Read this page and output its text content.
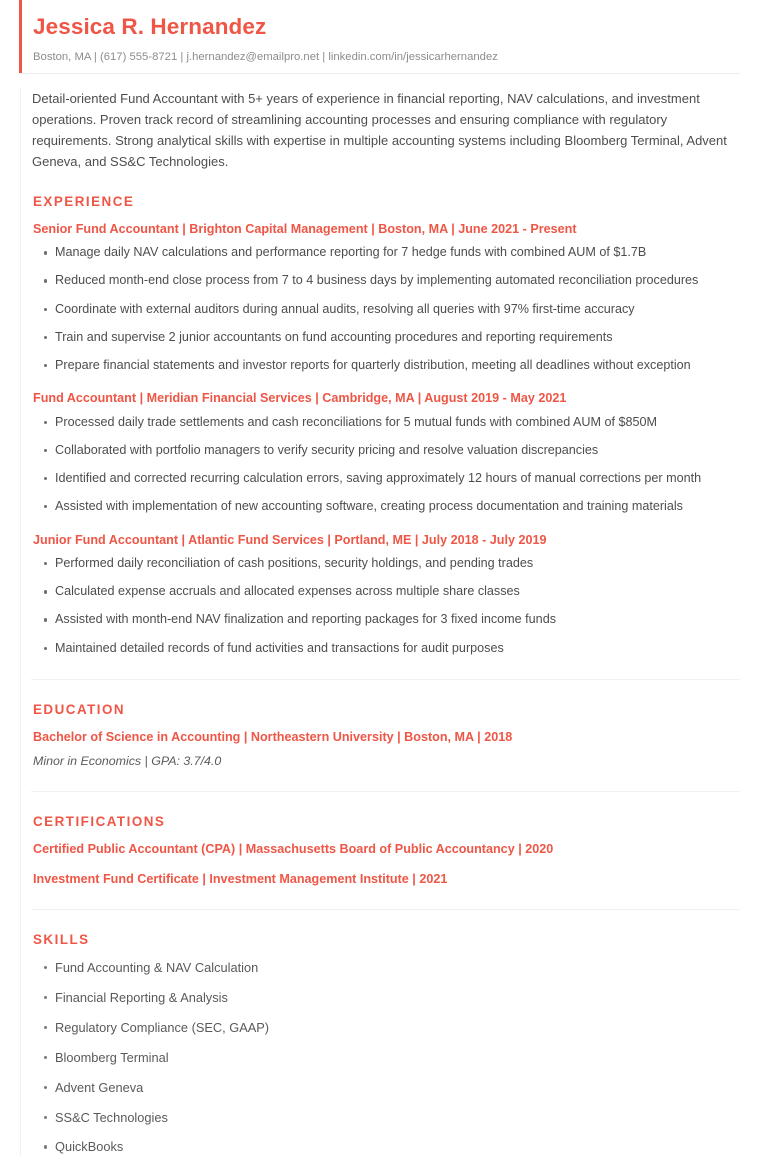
Jessica R. Hernandez

Boston, MA | (617) 555-8721 | j.hernandez@emailpro.net | linkedin.com/in/jessicarhernandez

Detail-oriented Fund Accountant with 5+ years of experience in financial reporting, NAV calculations, and investment operations. Proven track record of streamlining accounting processes and ensuring compliance with regulatory requirements. Strong analytical skills with expertise in multiple accounting systems including Bloomberg Terminal, Advent Geneva, and SS&C Technologies.

EXPERIENCE
Senior Fund Accountant | Brighton Capital Management | Boston, MA | June 2021 - Present
Manage daily NAV calculations and performance reporting for 7 hedge funds with combined AUM of $1.7B
Reduced month-end close process from 7 to 4 business days by implementing automated reconciliation procedures
Coordinate with external auditors during annual audits, resolving all queries with 97% first-time accuracy
Train and supervise 2 junior accountants on fund accounting procedures and reporting requirements
Prepare financial statements and investor reports for quarterly distribution, meeting all deadlines without exception
Fund Accountant | Meridian Financial Services | Cambridge, MA | August 2019 - May 2021
Processed daily trade settlements and cash reconciliations for 5 mutual funds with combined AUM of $850M
Collaborated with portfolio managers to verify security pricing and resolve valuation discrepancies
Identified and corrected recurring calculation errors, saving approximately 12 hours of manual corrections per month
Assisted with implementation of new accounting software, creating process documentation and training materials
Junior Fund Accountant | Atlantic Fund Services | Portland, ME | July 2018 - July 2019
Performed daily reconciliation of cash positions, security holdings, and pending trades
Calculated expense accruals and allocated expenses across multiple share classes
Assisted with month-end NAV finalization and reporting packages for 3 fixed income funds
Maintained detailed records of fund activities and transactions for audit purposes
EDUCATION
Bachelor of Science in Accounting | Northeastern University | Boston, MA | 2018
Minor in Economics | GPA: 3.7/4.0
CERTIFICATIONS
Certified Public Accountant (CPA) | Massachusetts Board of Public Accountancy | 2020
Investment Fund Certificate | Investment Management Institute | 2021
SKILLS
Fund Accounting & NAV Calculation
Financial Reporting & Analysis
Regulatory Compliance (SEC, GAAP)
Bloomberg Terminal
Advent Geneva
SS&C Technologies
QuickBooks
